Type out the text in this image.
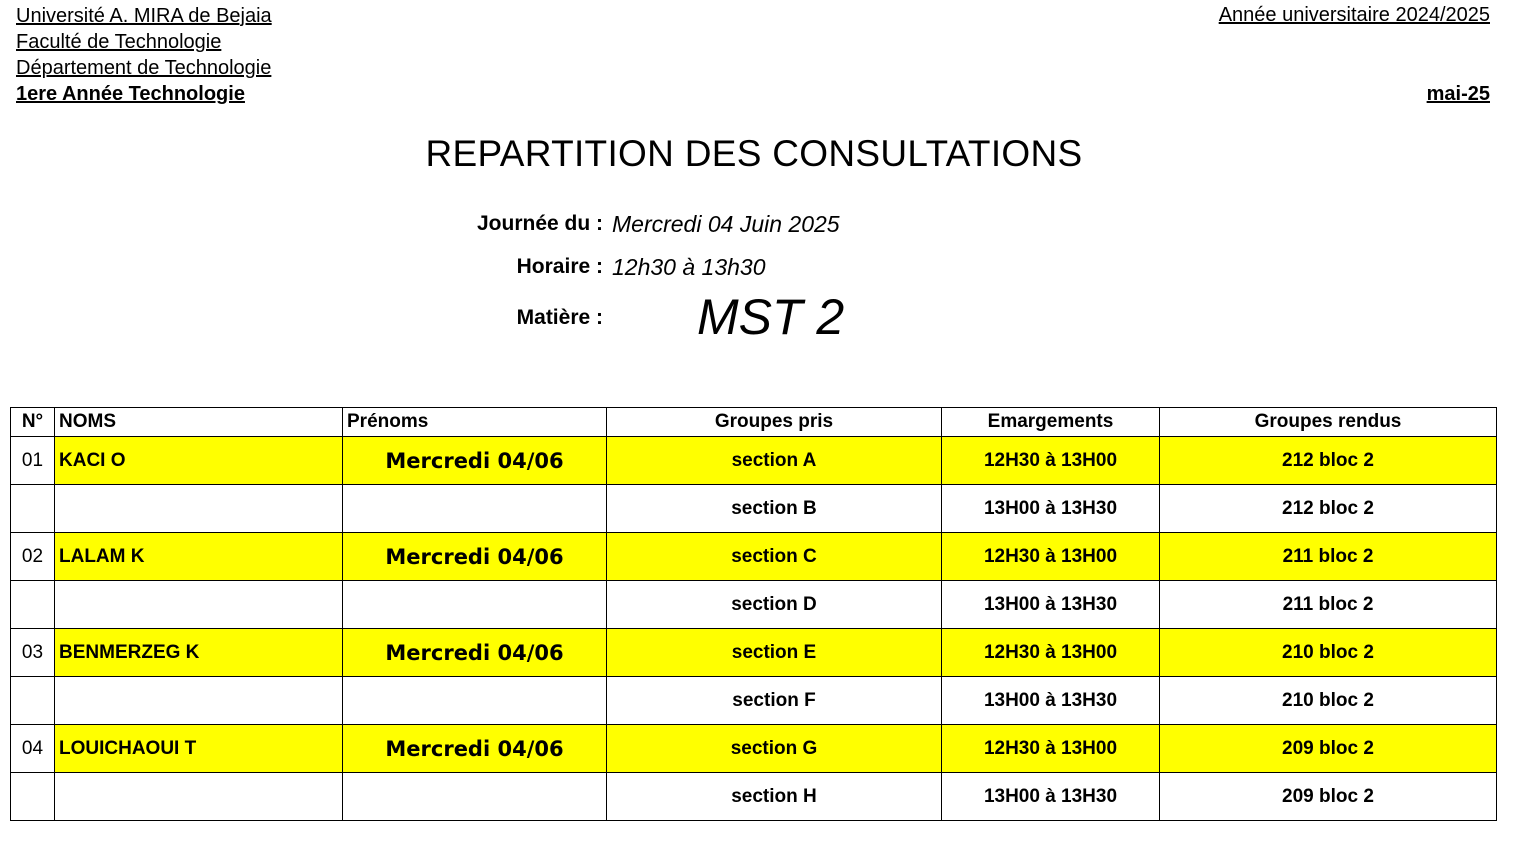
Université A. MIRA de Bejaia
Faculté de Technologie
Département de Technologie
1ere Année Technologie
Année universitaire 2024/2025
mai-25
REPARTITION DES CONSULTATIONS
Journée du : Mercredi 04 Juin 2025
Horaire : 12h30 à 13h30
Matière : MST 2
N°	NOMS	Prénoms	Groupes pris	Emargements	Groupes rendus
01	KACI O	Mercredi 04/06	section A	12H30 à 13H00	212 bloc 2
			section B	13H00 à 13H30	212 bloc 2
02	LALAM K	Mercredi 04/06	section C	12H30 à 13H00	211 bloc 2
			section D	13H00 à 13H30	211 bloc 2
03	BENMERZEG K	Mercredi 04/06	section E	12H30 à 13H00	210 bloc 2
			section F	13H00 à 13H30	210 bloc 2
04	LOUICHAOUI T	Mercredi 04/06	section G	12H30 à 13H00	209 bloc 2
			section H	13H00 à 13H30	209 bloc 2
